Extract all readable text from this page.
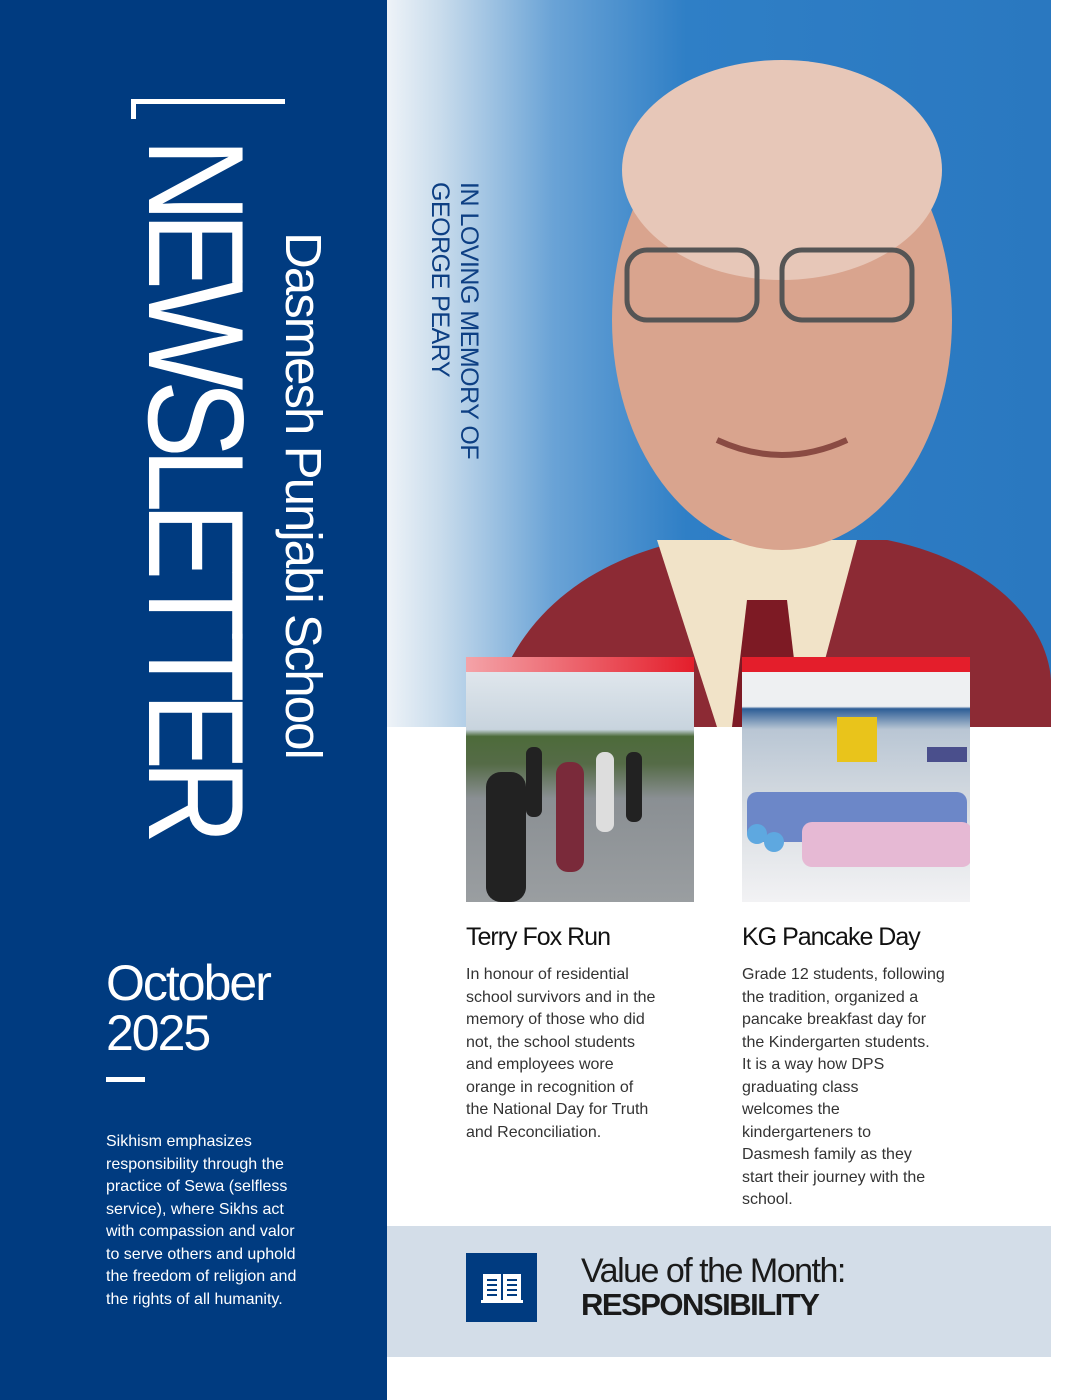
NEWSLETTER Dasmesh Punjabi School
October
2025
Sikhism emphasizes
responsibility through the
practice of Sewa (selfless
service), where Sikhs act
with compassion and valor
to serve others and uphold
the freedom of religion and
the rights of all humanity.
IN LOVING MEMORY OF
GEORGE PEARY
Terry Fox Run

In honour of residential
school survivors and in the
memory of those who did
not, the school students
and employees wore
orange in recognition of
the National Day for Truth
and Reconciliation.

KG Pancake Day

Grade 12 students, following
the tradition, organized a
pancake breakfast day for
the Kindergarten students.
It is a way how DPS
graduating class
welcomes the
kindergarteners to
Dasmesh family as they
start their journey with the
school.

Value of the Month:
RESPONSIBILITY
